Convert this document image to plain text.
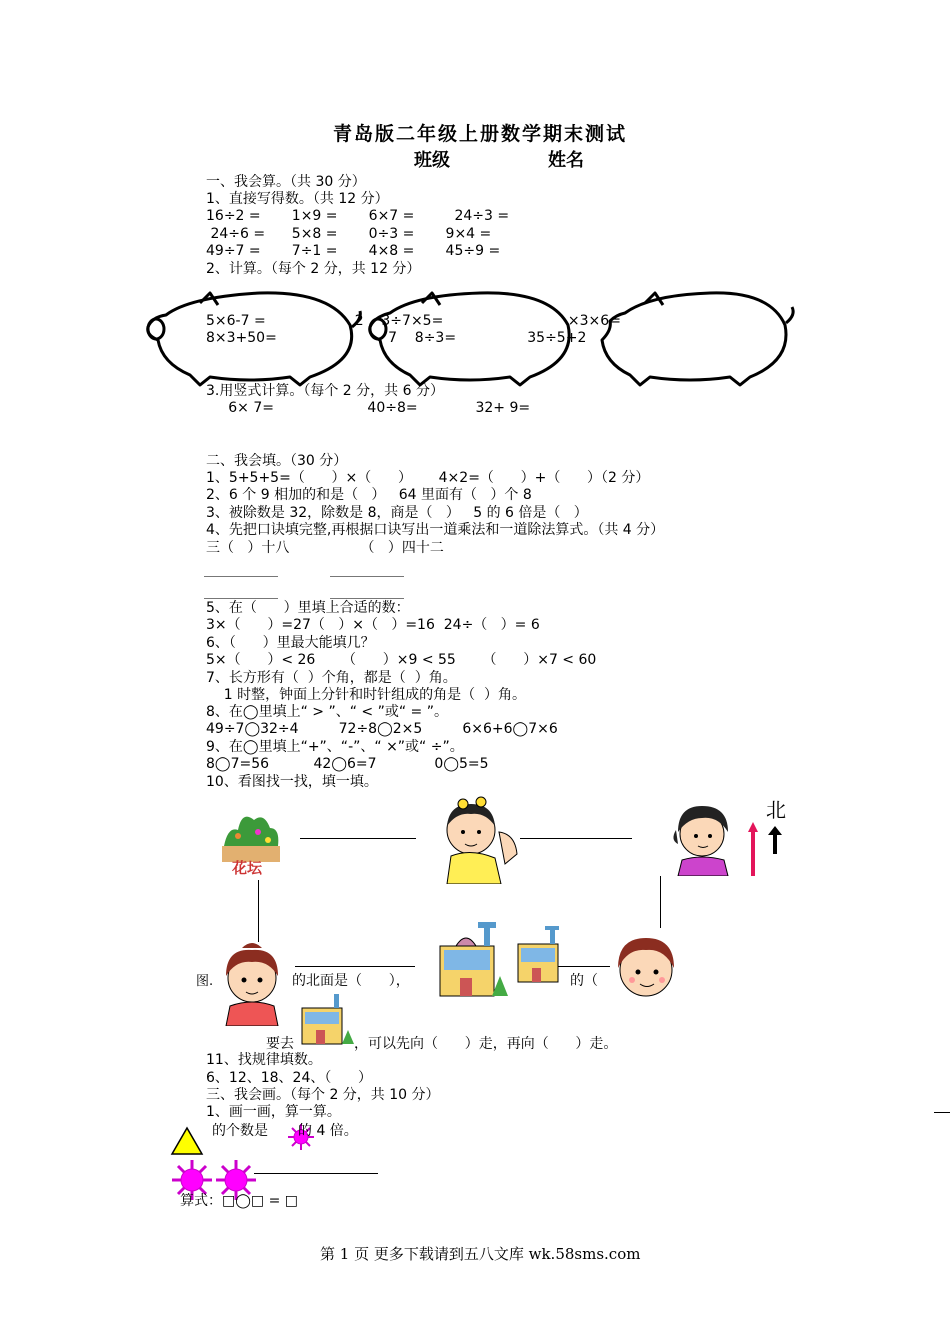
青岛版二年级上册数学期末测试
班级	姓名
一、我会算。（共 30 分）
1、直接写得数。（共 12 分）
16÷2 =       1×9 =       6×7 =         24÷3 =
24÷6 =      5×8 =       0÷3 =       9×4 =
49÷7 =       7÷1 =       4×8 =       45÷9 =
2、计算。（每个 2 分，共 12 分）
5×6-7 =                    2    3÷7×5=                            ×3×6=
8×3+50=                         7    8÷3=                35÷5+2
3.用竖式计算。（每个 2 分，共 6 分）
6× 7=                     40÷8=             32+ 9=
二、我会填。（30 分）
1、5+5+5=（      ）×（      ）      4×2=（      ）+（      ）（2 分）
2、6 个 9 相加的和是（   ）   64 里面有（   ）个 8
3、被除数是 32，除数是 8，商是（   ）   5 的 6 倍是（   ）
4、先把口诀填完整,再根据口诀写出一道乘法和一道除法算式。（共 4 分）
三（   ）十八                （   ）四十二
5、在（      ）里填上合适的数：
3×（      ）=27（   ）×（   ）=16  24÷（   ）= 6
6、（      ）里最大能填几？
5×（      ）< 26      （      ）×9 < 55      （      ）×7 < 60
7、长方形有（  ）个角，都是（  ）角。
1 时整，钟面上分针和时针组成的角是（  ）角。
8、在◯里填上“ > ”、“ < ”或“ = ”。
49÷7◯32÷4         72÷8◯2×5         6×6+6◯7×6
9、在◯里填上“+”、“-”、“ ×”或“ ÷”。
8◯7=56          42◯6=7             0◯5=5
10、看图找一找，填一填。
花坛
北
图.	的北面是（      ），	的（
要去	，可以先向（      ）走，再向（      ）走。
11、找规律填数。
6、12、18、24、（      ）
三、我会画。（每个 2 分，共 10 分）
1、画一画，算一算。
的个数是 的 4 倍。
算式：□◯□ = □
第 1 页 更多下载请到五八文库 wk.58sms.com
